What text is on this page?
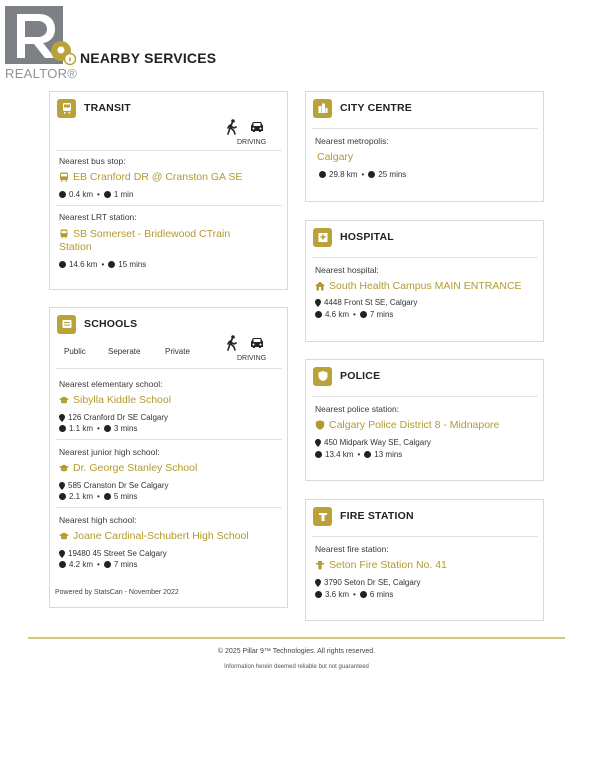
REALTOR®
NEARBY SERVICES
TRANSIT
DRIVING
Nearest bus stop:
EB Cranford DR @ Cranston GA SE
0.4 km • 1 min
Nearest LRT station:
SB Somerset - Bridlewood CTrain
Station
14.6 km • 15 mins
SCHOOLS
Public	Seperate	Private
DRIVING
Nearest elementary school:
Sibylla Kiddle School
126 Cranford Dr SE Calgary
1.1 km • 3 mins
Nearest junior high school:
Dr. George Stanley School
585 Cranston Dr Se Calgary
2.1 km • 5 mins
Nearest high school:
Joane Cardinal-Schubert High School
19480 45 Street Se Calgary
4.2 km • 7 mins
Powered by StatsCan - November 2022
CITY CENTRE
Nearest metropolis:
Calgary
29.8 km • 25 mins
HOSPITAL
Nearest hospital:
South Health Campus MAIN ENTRANCE
4448 Front St SE, Calgary
4.6 km • 7 mins
POLICE
Nearest police station:
Calgary Police District 8 - Midnapore
450 Midpark Way SE, Calgary
13.4 km • 13 mins
FIRE STATION
Nearest fire station:
Seton Fire Station No. 41
3790 Seton Dr SE, Calgary
3.6 km • 6 mins
© 2025 Pillar 9™ Technologies. All rights reserved.
Information herein deemed reliable but not guaranteed
